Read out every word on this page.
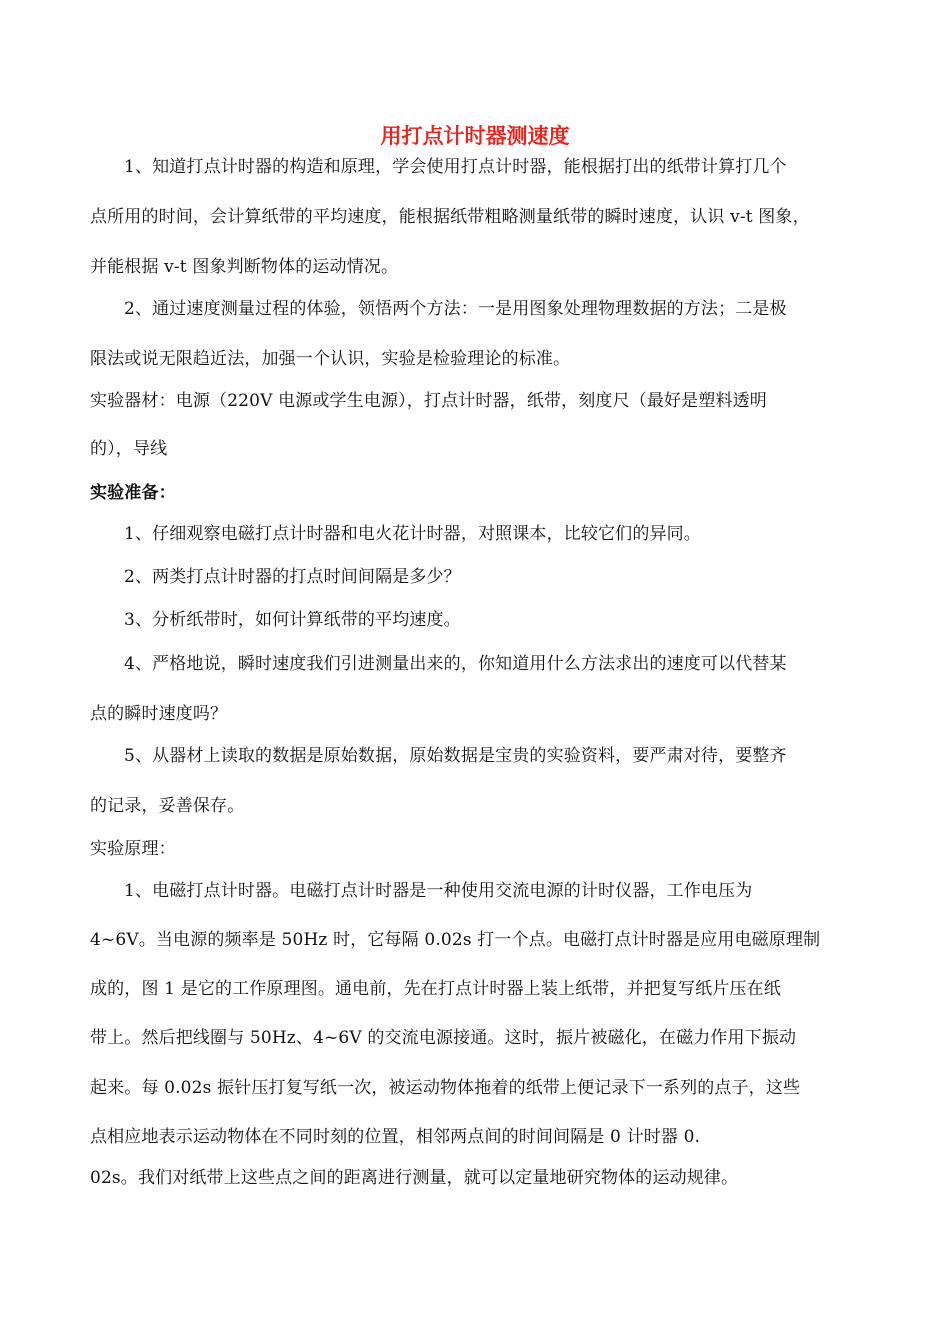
用打点计时器测速度
1、知道打点计时器的构造和原理，学会使用打点计时器，能根据打出的纸带计算打几个
点所用的时间，会计算纸带的平均速度，能根据纸带粗略测量纸带的瞬时速度，认识 v-t 图象，
并能根据 v-t 图象判断物体的运动情况。
2、通过速度测量过程的体验，领悟两个方法：一是用图象处理物理数据的方法；二是极
限法或说无限趋近法，加强一个认识，实验是检验理论的标准。
实验器材：电源（220V 电源或学生电源），打点计时器，纸带，刻度尺（最好是塑料透明
的），导线
实验准备：
1、仔细观察电磁打点计时器和电火花计时器，对照课本，比较它们的异同。
2、两类打点计时器的打点时间间隔是多少？
3、分析纸带时，如何计算纸带的平均速度。
4、严格地说，瞬时速度我们引进测量出来的，你知道用什么方法求出的速度可以代替某
点的瞬时速度吗？
5、从器材上读取的数据是原始数据，原始数据是宝贵的实验资料，要严肃对待，要整齐
的记录，妥善保存。
实验原理：
1、电磁打点计时器。电磁打点计时器是一种使用交流电源的计时仪器，工作电压为
4~6V。当电源的频率是 50Hz 时，它每隔 0.02s 打一个点。电磁打点计时器是应用电磁原理制
成的，图 1 是它的工作原理图。通电前，先在打点计时器上装上纸带，并把复写纸片压在纸
带上。然后把线圈与 50Hz、4~6V 的交流电源接通。这时，振片被磁化，在磁力作用下振动
起来。每 0.02s 振针压打复写纸一次，被运动物体拖着的纸带上便记录下一系列的点子，这些
点相应地表示运动物体在不同时刻的位置，相邻两点间的时间间隔是 0 计时器 0.
02s。我们对纸带上这些点之间的距离进行测量，就可以定量地研究物体的运动规律。
